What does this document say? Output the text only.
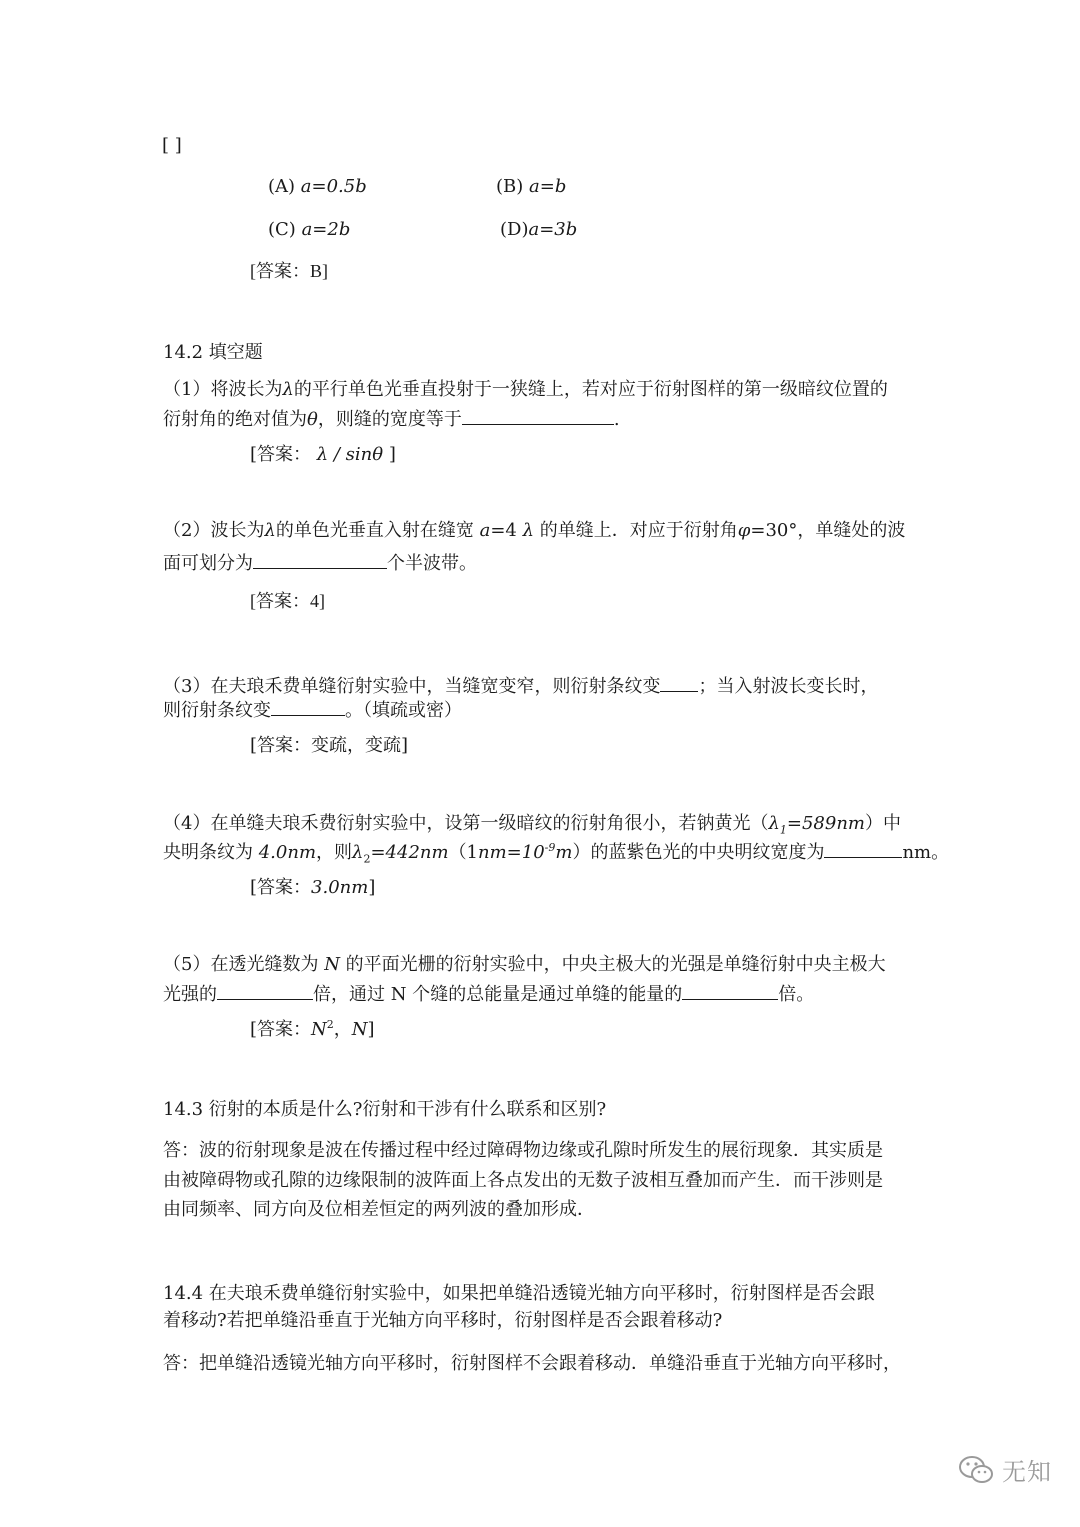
[ ]
(A) a=0.5b	(B) a=b
(C) a=2b	(D)a=3b
[答案：B]
14.2 填空题
（1）将波长为λ的平行单色光垂直投射于一狭缝上，若对应于衍射图样的第一级暗纹位置的
衍射角的绝对值为θ，则缝的宽度等于	.
[答案： λ / sinθ ]
（2）波长为λ的单色光垂直入射在缝宽 a=4 λ 的单缝上．对应于衍射角φ=30°，单缝处的波
面可划分为	个半波带。
[答案：4]
（3）在夫琅禾费单缝衍射实验中，当缝宽变窄，则衍射条纹变 ；当入射波长变长时，
则衍射条纹变	。（填疏或密）
[答案：变疏，变疏]
（4）在单缝夫琅禾费衍射实验中，设第一级暗纹的衍射角很小，若钠黄光$(\lambda_1=589nm)$中
央明条纹为 4.0nm，则$\lambda_2=442nm(1nm=10^{-9}m)$的蓝紫色光的中央明纹宽度为	nm。
[答案：3.0nm]
（5）在透光缝数为 N 的平面光栅的衍射实验中，中央主极大的光强是单缝衍射中央主极大
光强的	倍，通过 N 个缝的总能量是通过单缝的能量的	倍。
[答案：$N^2$，N]
14.3 衍射的本质是什么?衍射和干涉有什么联系和区别?
答：波的衍射现象是波在传播过程中经过障碍物边缘或孔隙时所发生的展衍现象．其实质是
由被障碍物或孔隙的边缘限制的波阵面上各点发出的无数子波相互叠加而产生．而干涉则是
由同频率、同方向及位相差恒定的两列波的叠加形成．
14.4 在夫琅禾费单缝衍射实验中，如果把单缝沿透镜光轴方向平移时，衍射图样是否会跟
着移动?若把单缝沿垂直于光轴方向平移时，衍射图样是否会跟着移动?
答：把单缝沿透镜光轴方向平移时，衍射图样不会跟着移动．单缝沿垂直于光轴方向平移时，
无知
